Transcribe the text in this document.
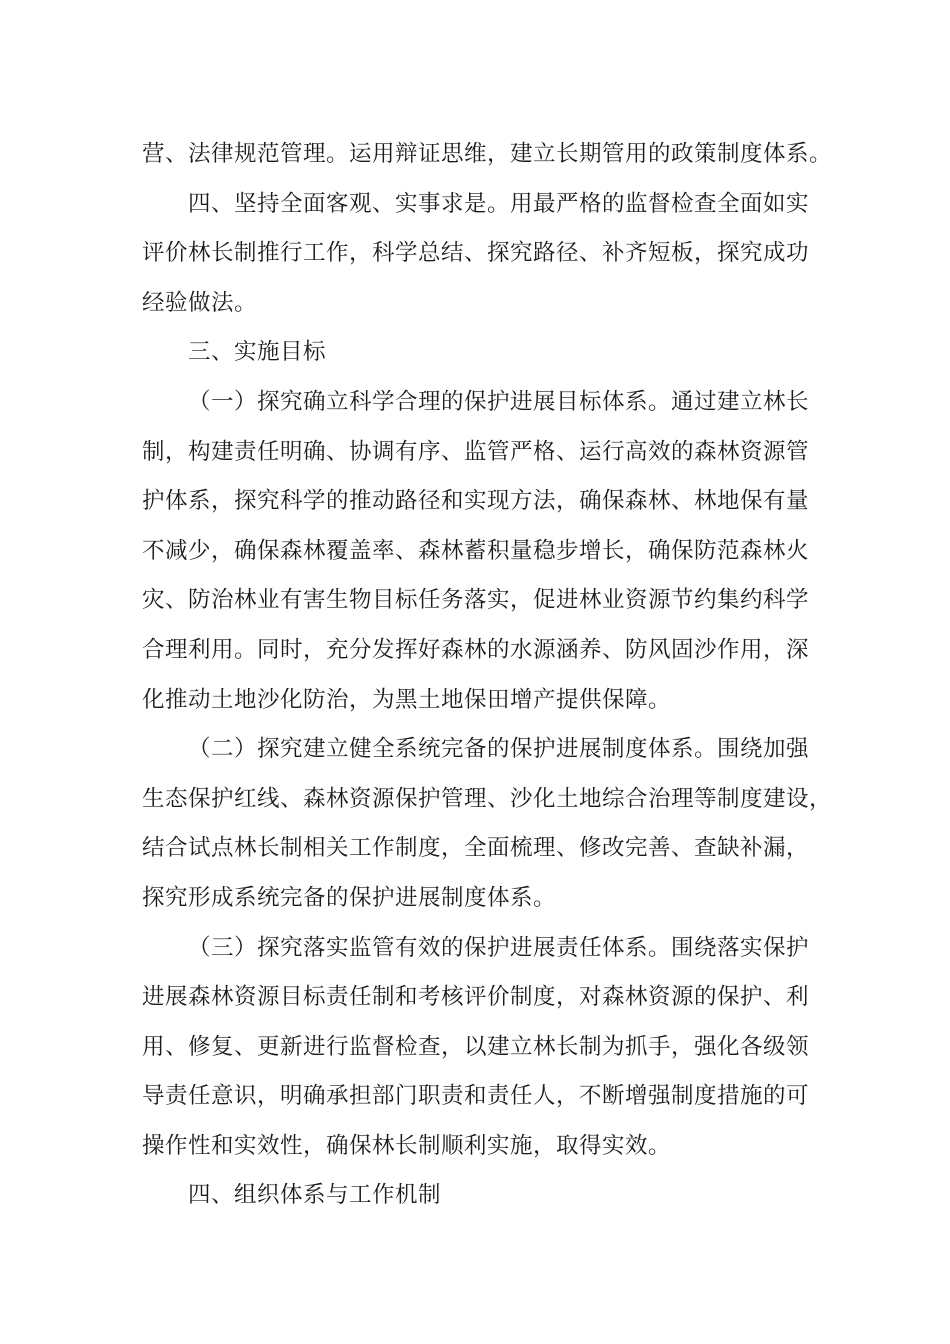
营、法律规范管理。运用辩证思维，建立长期管用的政策制度体系。

四、坚持全面客观、实事求是。用最严格的监督检查全面如实
评价林长制推行工作，科学总结、探究路径、补齐短板，探究成功
经验做法。

三、实施目标

（一）探究确立科学合理的保护进展目标体系。通过建立林长
制，构建责任明确、协调有序、监管严格、运行高效的森林资源管
护体系，探究科学的推动路径和实现方法，确保森林、林地保有量
不减少，确保森林覆盖率、森林蓄积量稳步增长，确保防范森林火
灾、防治林业有害生物目标任务落实，促进林业资源节约集约科学
合理利用。同时，充分发挥好森林的水源涵养、防风固沙作用，深
化推动土地沙化防治，为黑土地保田增产提供保障。

（二）探究建立健全系统完备的保护进展制度体系。围绕加强
生态保护红线、森林资源保护管理、沙化土地综合治理等制度建设，
结合试点林长制相关工作制度，全面梳理、修改完善、查缺补漏，
探究形成系统完备的保护进展制度体系。

（三）探究落实监管有效的保护进展责任体系。围绕落实保护
进展森林资源目标责任制和考核评价制度，对森林资源的保护、利
用、修复、更新进行监督检查，以建立林长制为抓手，强化各级领
导责任意识，明确承担部门职责和责任人，不断增强制度措施的可
操作性和实效性，确保林长制顺利实施，取得实效。

四、组织体系与工作机制
